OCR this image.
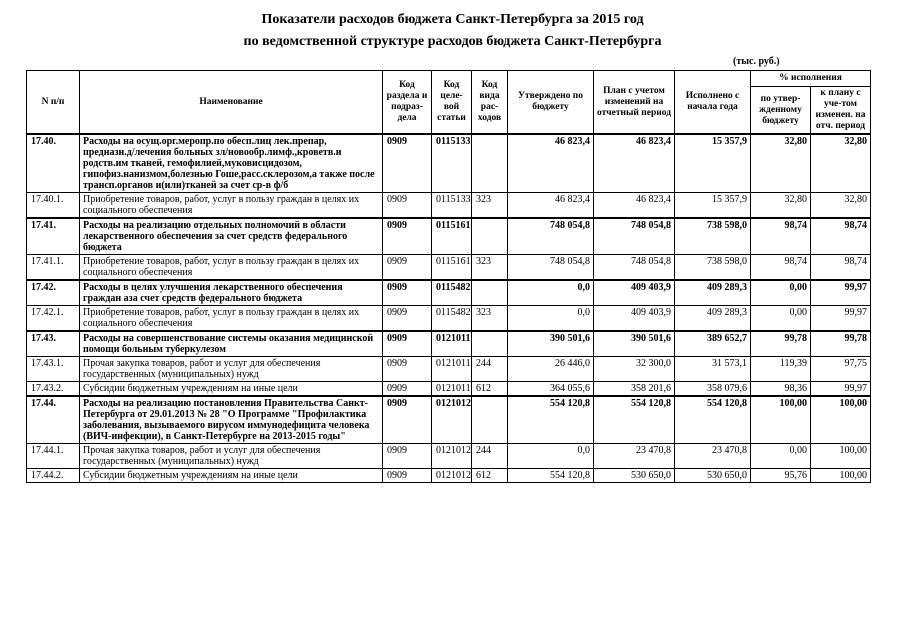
Показатели расходов бюджета Санкт-Петербурга за 2015 год
по ведомственной структуре расходов бюджета Санкт-Петербурга
(тыс. руб.)
N п/п	Наименование	Код раздела и подраз-дела	Код целе-вой статьи	Код вида рас-ходов	Утверждено по бюджету	План с учетом изменений на отчетный период	Исполнено с начала года	% исполнения	
								по утвер-жденному бюджету	к плану с уче-том изменен. на отч. период
17.40.	Расходы на осущ.орг.меропр.по обесп.лиц лек.препар, предназн.д/лечения больных зл/новообр.лимф.,кроветв.и родств.им тканей, гемофилией,муковисцидозом, гипофиз.нанизмом,болезнью Гоше,расс.склерозом,а также после трансп.органов и(или)тканей за счет ср-в ф/б	0909	0115133		46 823,4	46 823,4	15 357,9	32,80	32,80
17.40.1.	Приобретение товаров, работ, услуг в пользу граждан в целях их социального обеспечения	0909	0115133	323	46 823,4	46 823,4	15 357,9	32,80	32,80
17.41.	Расходы на реализацию отдельных полномочий в области лекарственного обеспечения за счет средств федерального бюджета	0909	0115161		748 054,8	748 054,8	738 598,0	98,74	98,74
17.41.1.	Приобретение товаров, работ, услуг в пользу граждан в целях их социального обеспечения	0909	0115161	323	748 054,8	748 054,8	738 598,0	98,74	98,74
17.42.	Расходы в целях улучшения лекарственного обеспечения граждан аза счет средств федерального бюджета	0909	0115482		0,0	409 403,9	409 289,3	0,00	99,97
17.42.1.	Приобретение товаров, работ, услуг в пользу граждан в целях их социального обеспечения	0909	0115482	323	0,0	409 403,9	409 289,3	0,00	99,97
17.43.	Расходы на совершенствование системы оказания медицинской помощи больным туберкулезом	0909	0121011		390 501,6	390 501,6	389 652,7	99,78	99,78
17.43.1.	Прочая закупка товаров, работ и услуг для обеспечения государственных (муниципальных) нужд	0909	0121011	244	26 446,0	32 300,0	31 573,1	119,39	97,75
17.43.2.	Субсидии бюджетным учреждениям на иные цели	0909	0121011	612	364 055,6	358 201,6	358 079,6	98,36	99,97
17.44.	Расходы на реализацию постановления Правительства Санкт-Петербурга от 29.01.2013 № 28 "О Программе "Профилактика заболевания, вызываемого вирусом иммунодефицита человека (ВИЧ-инфекции), в Санкт-Петербурге на 2013-2015 годы"	0909	0121012		554 120,8	554 120,8	554 120,8	100,00	100,00
17.44.1.	Прочая закупка товаров, работ и услуг для обеспечения государственных (муниципальных) нужд	0909	0121012	244	0,0	23 470,8	23 470,8	0,00	100,00
17.44.2.	Субсидии бюджетным учреждениям на иные цели	0909	0121012	612	554 120,8	530 650,0	530 650,0	95,76	100,00
